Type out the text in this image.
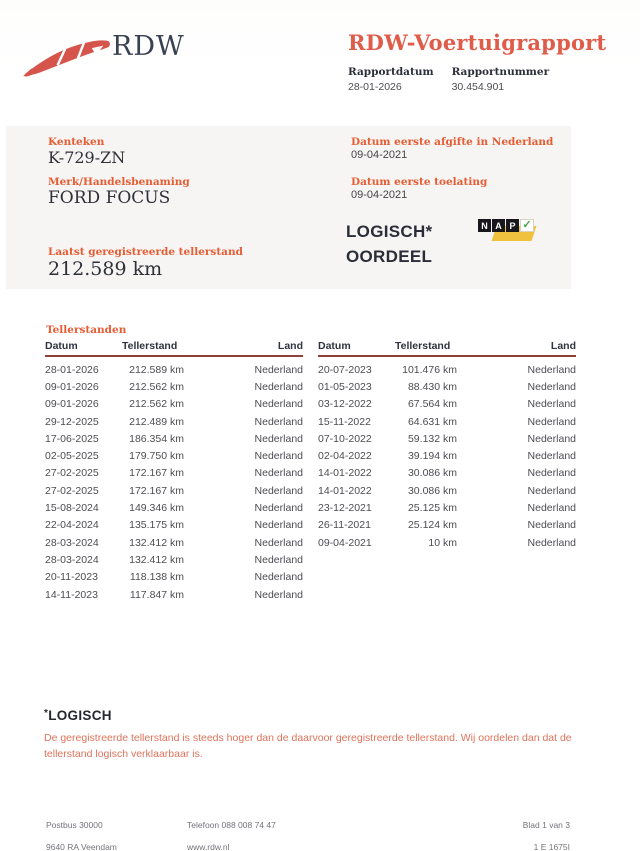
RDW	RDW-Voertuigrapport
Rapportdatum
28-01-2026
Rapportnummer
30.454.901
Kenteken
K-729-ZN
Merk/Handelsbenaming
FORD FOCUS
Datum eerste afgifte in Nederland
09-04-2021
Datum eerste toelating
09-04-2021
LOGISCH*
OORDEEL
N A P ✓
Laatst geregistreerde tellerstand
212.589 km
Tellerstanden
Datum	Tellerstand	Land
28-01-2026	212.589 km	Nederland
09-01-2026	212.562 km	Nederland
09-01-2026	212.562 km	Nederland
29-12-2025	212.489 km	Nederland
17-06-2025	186.354 km	Nederland
02-05-2025	179.750 km	Nederland
27-02-2025	172.167 km	Nederland
27-02-2025	172.167 km	Nederland
15-08-2024	149.346 km	Nederland
22-04-2024	135.175 km	Nederland
28-03-2024	132.412 km	Nederland
28-03-2024	132.412 km	Nederland
20-11-2023	118.138 km	Nederland
14-11-2023	117.847 km	Nederland
Datum	Tellerstand	Land
20-07-2023	101.476 km	Nederland
01-05-2023	88.430 km	Nederland
03-12-2022	67.564 km	Nederland
15-11-2022	64.631 km	Nederland
07-10-2022	59.132 km	Nederland
02-04-2022	39.194 km	Nederland
14-01-2022	30.086 km	Nederland
14-01-2022	30.086 km	Nederland
23-12-2021	25.125 km	Nederland
26-11-2021	25.124 km	Nederland
09-04-2021	10 km	Nederland
*LOGISCH
De geregistreerde tellerstand is steeds hoger dan de daarvoor geregistreerde tellerstand. Wij oordelen dan dat de tellerstand logisch verklaarbaar is.
Postbus 30000	Telefoon 088 008 74 47	Blad 1 van 3
9640 RA Veendam	www.rdw.nl	1 E 1675I
